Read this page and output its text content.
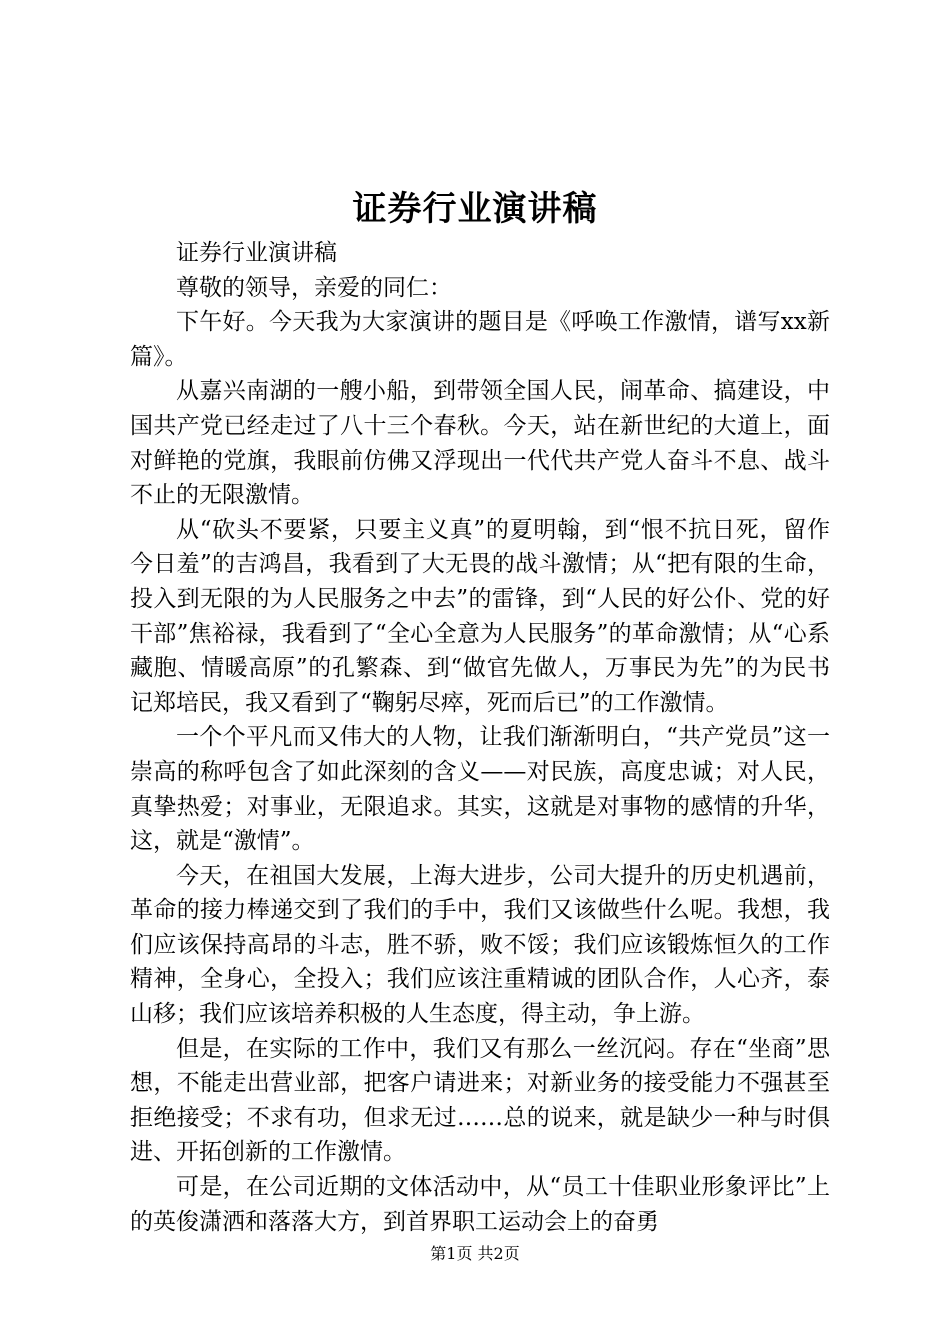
证券行业演讲稿

证券行业演讲稿

尊敬的领导，亲爱的同仁：

下午好。今天我为大家演讲的题目是《呼唤工作激情，谱写xx新篇》。

从嘉兴南湖的一艘小船，到带领全国人民，闹革命、搞建设，中国共产党已经走过了八十三个春秋。今天，站在新世纪的大道上，面对鲜艳的党旗，我眼前仿佛又浮现出一代代共产党人奋斗不息、战斗不止的无限激情。

从“砍头不要紧，只要主义真”的夏明翰，到“恨不抗日死，留作今日羞”的吉鸿昌，我看到了大无畏的战斗激情；从“把有限的生命，投入到无限的为人民服务之中去”的雷锋，到“人民的好公仆、党的好干部”焦裕禄，我看到了“全心全意为人民服务”的革命激情；从“心系藏胞、情暖高原”的孔繁森、到“做官先做人，万事民为先”的为民书记郑培民，我又看到了“鞠躬尽瘁，死而后已”的工作激情。

一个个平凡而又伟大的人物，让我们渐渐明白，“共产党员”这一崇高的称呼包含了如此深刻的含义——对民族，高度忠诚；对人民，真挚热爱；对事业，无限追求。其实，这就是对事物的感情的升华，这，就是“激情”。

今天，在祖国大发展，上海大进步，公司大提升的历史机遇前，革命的接力棒递交到了我们的手中，我们又该做些什么呢。我想，我们应该保持高昂的斗志，胜不骄，败不馁；我们应该锻炼恒久的工作精神，全身心，全投入；我们应该注重精诚的团队合作，人心齐，泰山移；我们应该培养积极的人生态度，得主动，争上游。

但是，在实际的工作中，我们又有那么一丝沉闷。存在“坐商”思想，不能走出营业部，把客户请进来；对新业务的接受能力不强甚至拒绝接受；不求有功，但求无过……总的说来，就是缺少一种与时俱进、开拓创新的工作激情。

可是，在公司近期的文体活动中，从“员工十佳职业形象评比”上的英俊潇洒和落落大方，到首界职工运动会上的奋勇

第1页 共2页
